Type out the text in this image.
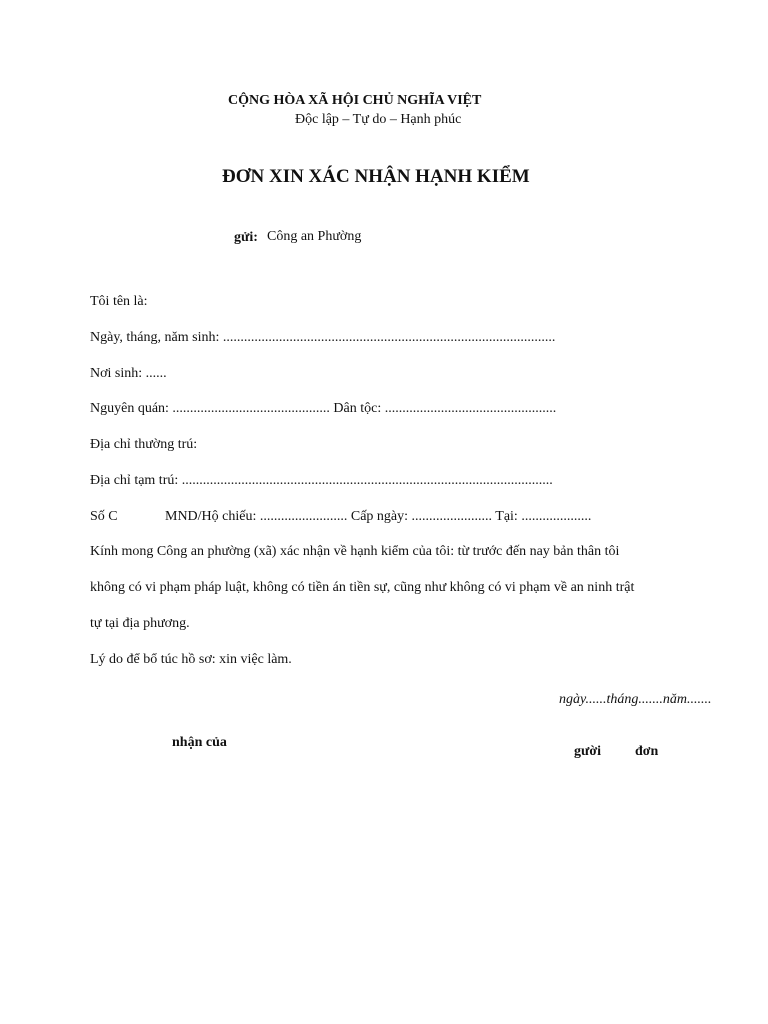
CỘNG HÒA XÃ HỘI CHỦ NGHĨA VIỆT
Độc lập – Tự do – Hạnh phúc
ĐƠN XIN XÁC NHẬN HẠNH KIỂM
gửi: Công an Phường
Tôi tên là:
Ngày, tháng, năm sinh: ...............................................................................................
Nơi sinh: ......
Nguyên quán: ............................................. Dân tộc: .................................................
Địa chỉ thường trú:
Địa chỉ tạm trú: ..........................................................................................................
Số C	MND/Hộ chiếu: ......................... Cấp ngày: ....................... Tại: ....................
Kính mong Công an phường (xã) xác nhận về hạnh kiểm của tôi: từ trước đến nay bản thân tôi
không có vi phạm pháp luật, không có tiền án tiền sự, cũng như không có vi phạm về an ninh trật
tự tại địa phương.
Lý do để bổ túc hồ sơ: xin việc làm.
ngày......tháng.......năm.......
nhận của
gười đơn
